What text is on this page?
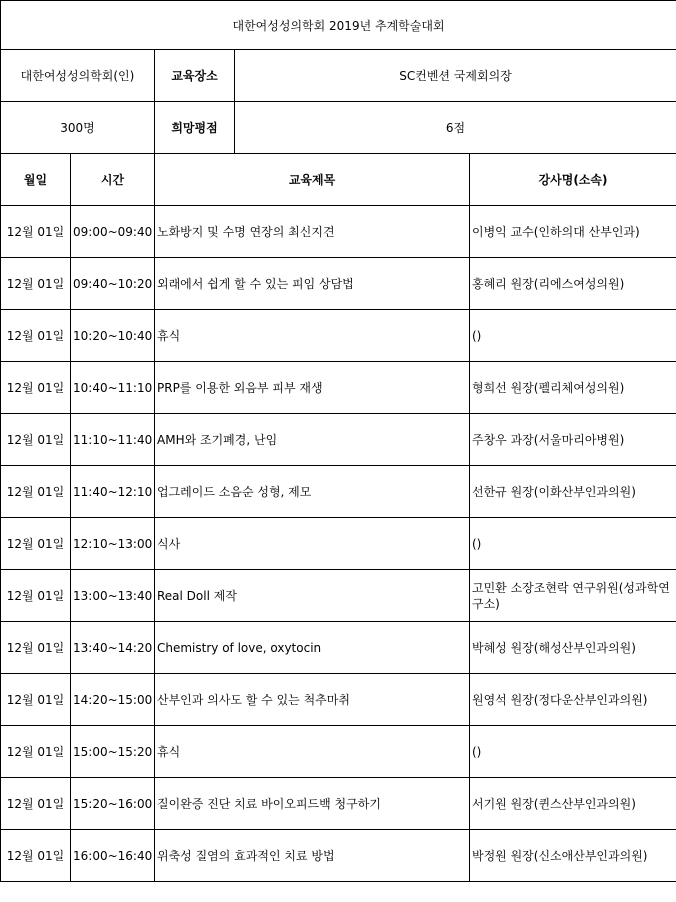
대한여성성의학회 2019년 추계학술대회				
대한여성성의학회(인)		교육장소	SC컨벤션 국제회의장	
300명		희망평점	6점	
월일	시간	교육제목		강사명(소속)
12월 01일	09:00~09:40	노화방지 및 수명 연장의 최신지견		이병익 교수(인하의대 산부인과)
12월 01일	09:40~10:20	외래에서 쉽게 할 수 있는 피임 상담법		홍혜리 원장(리에스여성의원)
12월 01일	10:20~10:40	휴식		()
12월 01일	10:40~11:10	PRP를 이용한 외음부 피부 재생		형희선 원장(펠리체여성의원)
12월 01일	11:10~11:40	AMH와 조기폐경, 난임		주창우 과장(서울마리아병원)
12월 01일	11:40~12:10	업그레이드 소음순 성형, 제모		선한규 원장(이화산부인과의원)
12월 01일	12:10~13:00	식사		()
12월 01일	13:00~13:40	Real Doll 제작		고민환 소장조현락 연구위원(성과학연구소)
12월 01일	13:40~14:20	Chemistry of love, oxytocin		박혜성 원장(해성산부인과의원)
12월 01일	14:20~15:00	산부인과 의사도 할 수 있는 척추마취		원영석 원장(정다운산부인과의원)
12월 01일	15:00~15:20	휴식		()
12월 01일	15:20~16:00	질이완증 진단 치료 바이오피드백 청구하기		서기원 원장(퀸스산부인과의원)
12월 01일	16:00~16:40	위축성 질염의 효과적인 치료 방법		박정원 원장(신소애산부인과의원)
